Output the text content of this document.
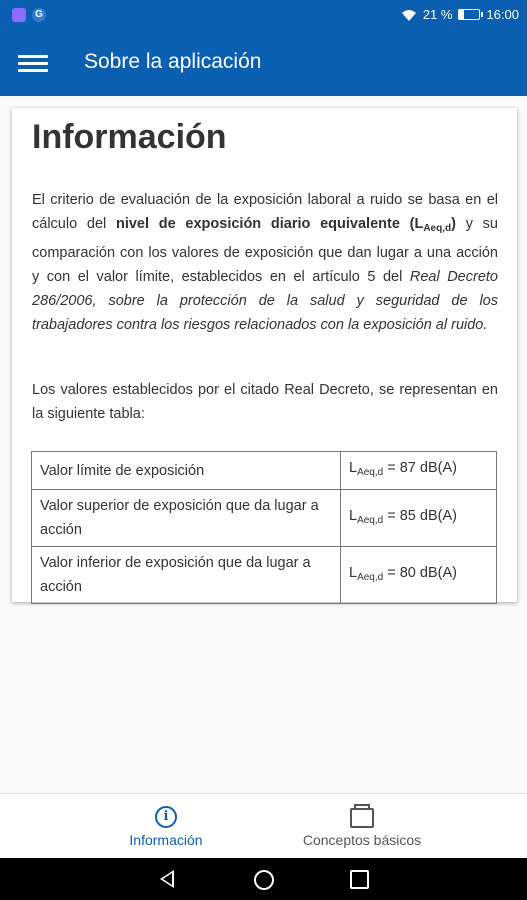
G	21 %	16:00
Sobre la aplicación
Información
El criterio de evaluación de la exposición laboral a ruido se basa en el cálculo del nivel de exposición diario equivalente $(L_{Aeq,d})$ y su comparación con los valores de exposición que dan lugar a una acción y con el valor límite, establecidos en el artículo 5 del Real Decreto 286/2006, sobre la protección de la salud y seguridad de los trabajadores contra los riesgos relacionados con la exposición al ruido.
Los valores establecidos por el citado Real Decreto, se representan en la siguiente tabla:
Valor límite de exposición	$L_{Aeq,d} = 87$ dB(A)
Valor superior de exposición que da lugar a acción	$L_{Aeq,d} = 85$ dB(A)
Valor inferior de exposición que da lugar a acción	$L_{Aeq,d} = 80$ dB(A)
i
Información	Conceptos básicos
